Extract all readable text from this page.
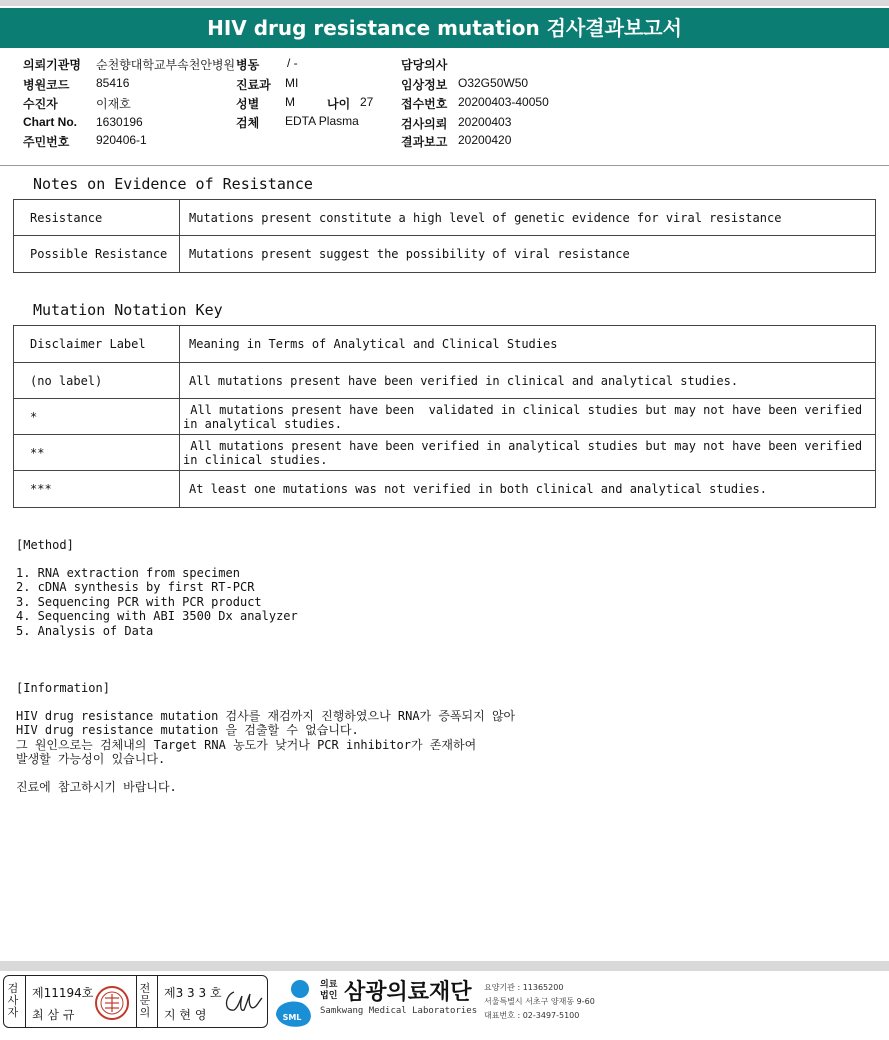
HIV drug resistance mutation 검사결과보고서
의뢰기관명 순천향대학교부속천안병원
병원코드 85416
수진자	이재호
Chart No. 1630196
주민번호 920406-1
병동 / -
진료과 MI
성별 M	나이 27
검체 EDTA Plasma
담당의사
임상정보 O32G50W50
접수번호 20200403-40050
검사의뢰 20200403
결과보고 20200420
Notes on Evidence of Resistance
Resistance	Mutations present constitute a high level of genetic evidence for viral resistance
Possible Resistance	Mutations present suggest the possibility of viral resistance
Mutation Notation Key
Disclaimer Label	Meaning in Terms of Analytical and Clinical Studies
(no label)	All mutations present have been verified in clinical and analytical studies.
*	All mutations present have been  validated in clinical studies but may not have been verified
in analytical studies.

**	All mutations present have been verified in analytical studies but may not have been verified
in clinical studies.

***	At least one mutations was not verified in both clinical and analytical studies.
[Method]
1. RNA extraction from specimen
2. cDNA synthesis by first RT-PCR
3. Sequencing PCR with PCR product
4. Sequencing with ABI 3500 Dx analyzer
5. Analysis of Data
[Information]
HIV drug resistance mutation 검사를 재검까지 진행하였으나 RNA가 증폭되지 않아
HIV drug resistance mutation 을 검출할 수 없습니다.
그 원인으로는 검체내의 Target RNA 농도가 낮거나 PCR inhibitor가 존재하여
발생할 가능성이 있습니다.
진료에 참고하시기 바랍니다.
검사자
제11194호
최 삼 규
전문의
제3 3 3 호
지 현 영	SML
의료법인 삼광의료재단
Samkwang Medical Laboratories
요양기관 : 11365200
서울특별시 서초구 양재동 9-60
대표번호 : 02-3497-5100
